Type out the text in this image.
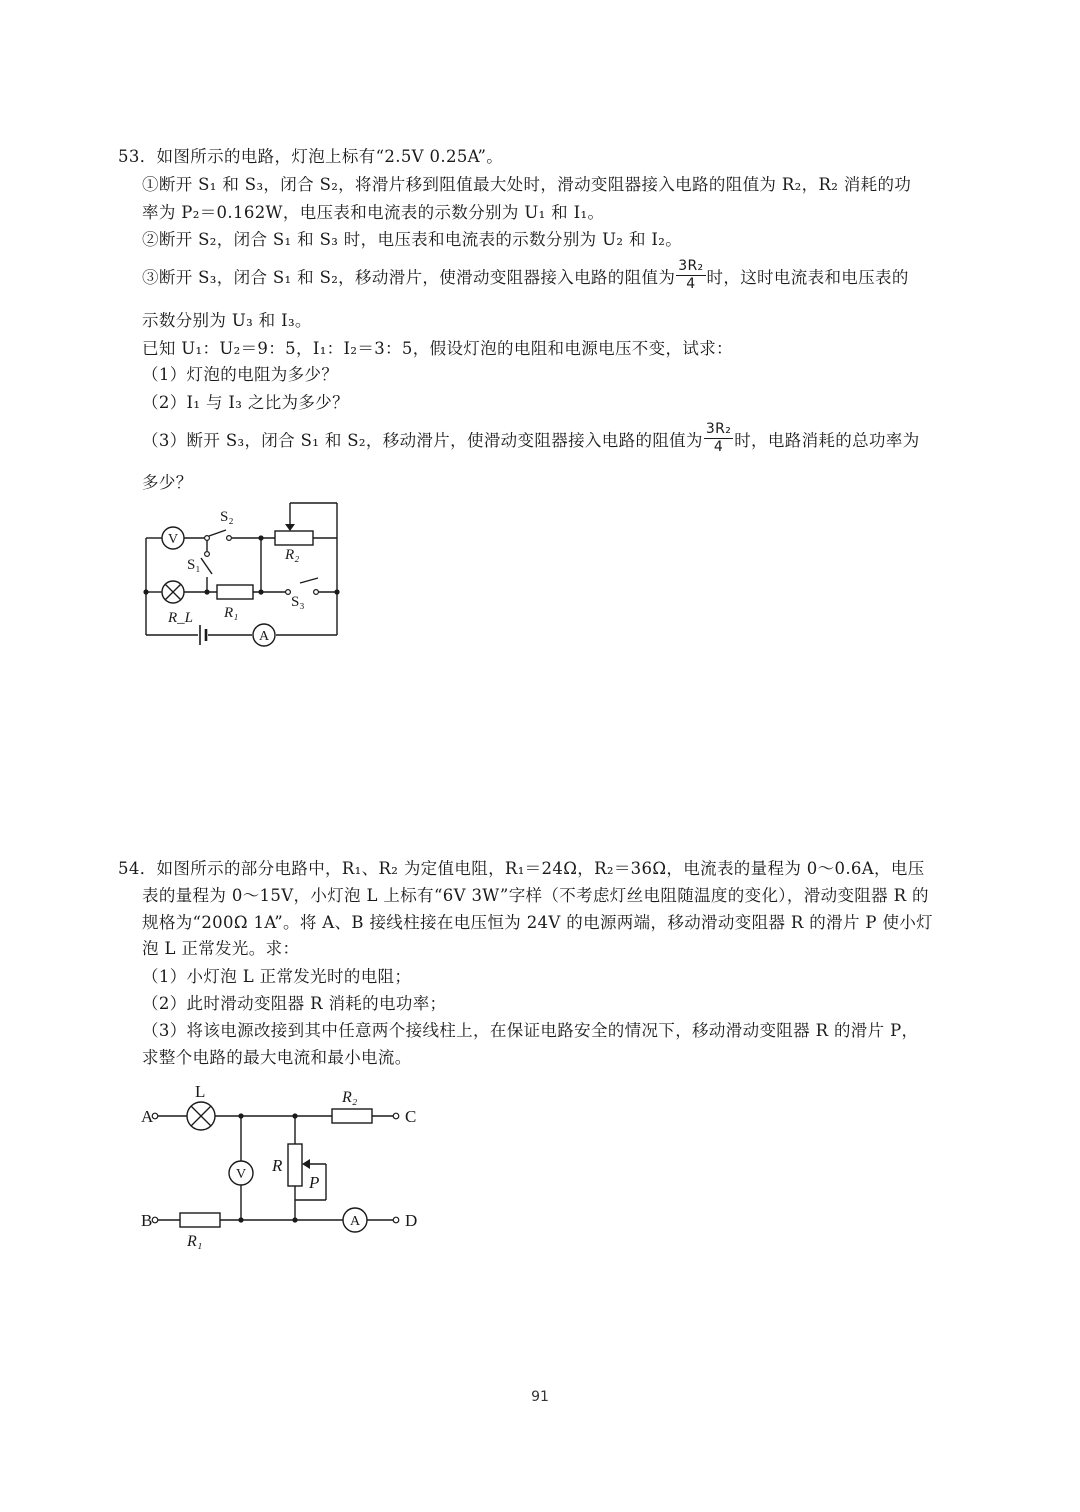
53．如图所示的电路，灯泡上标有“2.5V 0.25A”。
①断开 S₁ 和 S₃，闭合 S₂，将滑片移到阻值最大处时，滑动变阻器接入电路的阻值为 R₂，R₂ 消耗的功
率为 P₂＝0.162W，电压表和电流表的示数分别为 U₁ 和 I₁。
②断开 S₂，闭合 S₁ 和 S₃ 时，电压表和电流表的示数分别为 U₂ 和 I₂。
③断开 S₃，闭合 S₁ 和 S₂，移动滑片，使滑动变阻器接入电路的阻值为 $\frac{\text{3R₂}}{4}$ 时，这时电流表和电压表的
示数分别为 U₃ 和 I₃。
已知 U₁：U₂＝9：5，I₁：I₂＝3：5，假设灯泡的电阻和电源电压不变，试求：
（1）灯泡的电阻为多少？
（2）I₁ 与 I₃ 之比为多少？
（3）断开 S₃，闭合 S₁ 和 S₂，移动滑片，使滑动变阻器接入电路的阻值为 $\frac{\text{3R₂}}{4}$ 时，电路消耗的总功率为
多少？
V
A
S₂
S₁
S₃
R₂
R₁
R_L
54．如图所示的部分电路中，R₁、R₂ 为定值电阻，R₁＝24Ω，R₂＝36Ω，电流表的量程为 0～0.6A，电压
表的量程为 0～15V，小灯泡 L 上标有“6V 3W”字样（不考虑灯丝电阻随温度的变化），滑动变阻器 R 的
规格为“200Ω 1A”。将 A、B 接线柱接在电压恒为 24V 的电源两端，移动滑动变阻器 R 的滑片 P 使小灯
泡 L 正常发光。求：
（1）小灯泡 L 正常发光时的电阻；
（2）此时滑动变阻器 R 消耗的电功率；
（3）将该电源改接到其中任意两个接线柱上，在保证电路安全的情况下，移动滑动变阻器 R 的滑片 P，
求整个电路的最大电流和最小电流。
V
A
A
B
C
D
L
R
P
R₂
R₁
91
